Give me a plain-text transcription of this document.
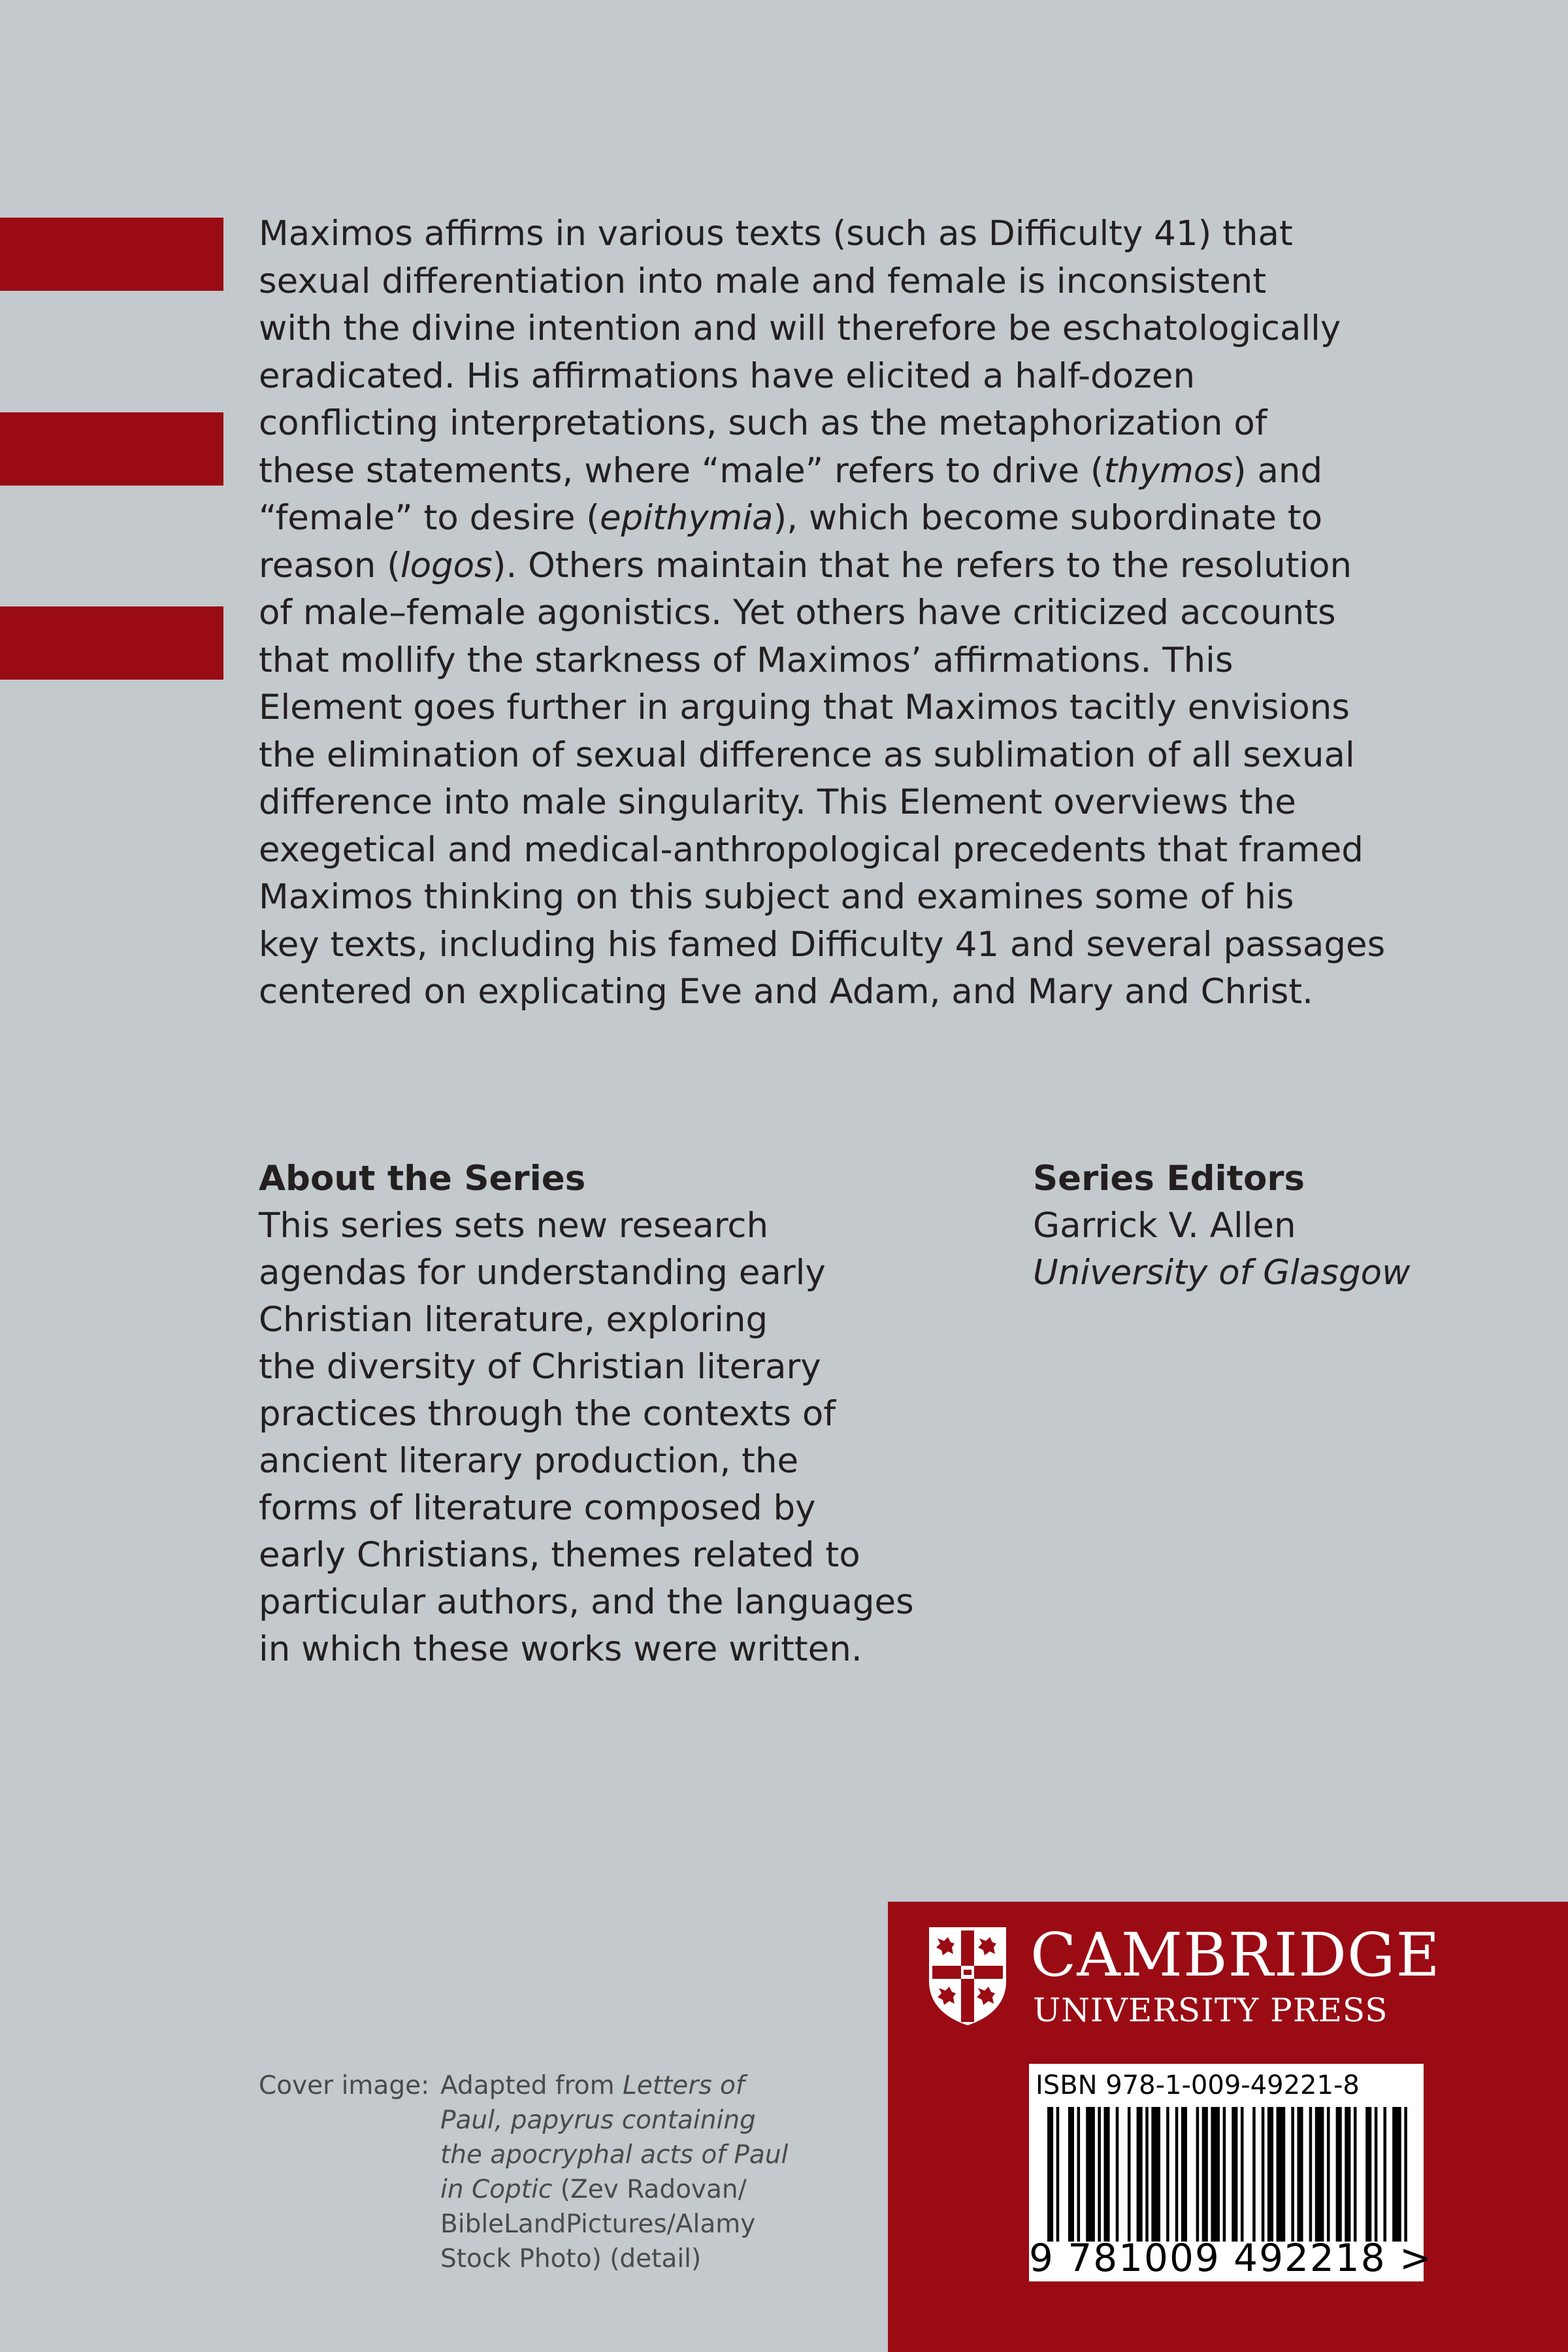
Maximos affirms in various texts (such as Difficulty 41) that

sexual differentiation into male and female is inconsistent

with the divine intention and will therefore be eschatologically

eradicated. His affirmations have elicited a half-dozen

conflicting interpretations, such as the metaphorization of

these statements, where “male” refers to drive (thymos) and

“female” to desire (epithymia), which become subordinate to

reason (logos). Others maintain that he refers to the resolution

of male–female agonistics. Yet others have criticized accounts

that mollify the starkness of Maximos’ affirmations. This

Element goes further in arguing that Maximos tacitly envisions

the elimination of sexual difference as sublimation of all sexual

difference into male singularity. This Element overviews the

exegetical and medical-anthropological precedents that framed

Maximos thinking on this subject and examines some of his

key texts, including his famed Difficulty 41 and several passages

centered on explicating Eve and Adam, and Mary and Christ.

About the Series

This series sets new research

agendas for understanding early

Christian literature, exploring

the diversity of Christian literary

practices through the contexts of

ancient literary production, the

forms of literature composed by

early Christians, themes related to

particular authors, and the languages

in which these works were written.

Series Editors
Garrick V. Allen
University of Glasgow
Cover image: Adapted from Letters of
Paul, papyrus containing
the apocryphal acts of Paul
in Coptic (Zev Radovan/
BibleLandPictures/Alamy
Stock Photo) (detail)
CAMBRIDGE
UNIVERSITY PRESS
ISBN 978-1-009-49221-8
9 781009 492218 >
